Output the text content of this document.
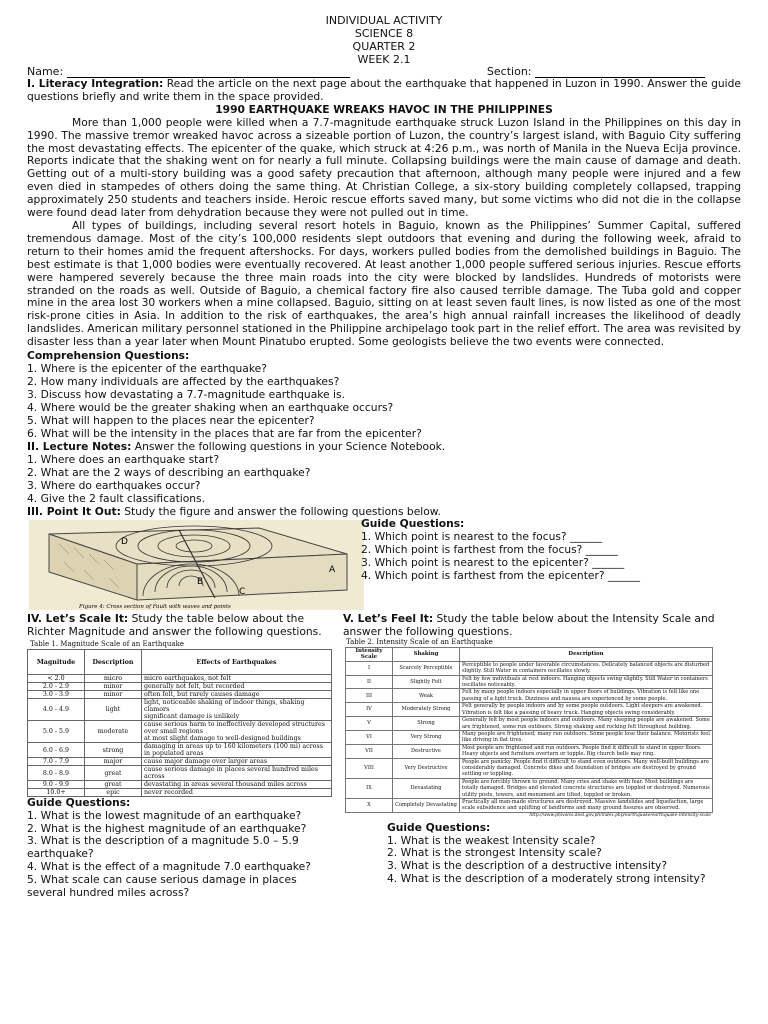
INDIVIDUAL ACTIVITY
SCIENCE 8
QUARTER 2
WEEK 2.1
Name:	Section:
I. Literacy Integration: Read the article on the next page about the earthquake that happened in Luzon in 1990. Answer the guide questions briefly and write them in the space provided.
1990 EARTHQUAKE WREAKS HAVOC IN THE PHILIPPINES
More than 1,000 people were killed when a 7.7-magnitude earthquake struck Luzon Island in the Philippines on this day in 1990. The massive tremor wreaked havoc across a sizeable portion of Luzon, the country’s largest island, with Baguio City suffering the most devastating effects. The epicenter of the quake, which struck at 4:26 p.m., was north of Manila in the Nueva Ecija province. Reports indicate that the shaking went on for nearly a full minute. Collapsing buildings were the main cause of damage and death. Getting out of a multi-story building was a good safety precaution that afternoon, although many people were injured and a few even died in stampedes of others doing the same thing. At Christian College, a six-story building completely collapsed, trapping approximately 250 students and teachers inside. Heroic rescue efforts saved many, but some victims who did not die in the collapse were found dead later from dehydration because they were not pulled out in time.
All types of buildings, including several resort hotels in Baguio, known as the Philippines’ Summer Capital, suffered tremendous damage. Most of the city’s 100,000 residents slept outdoors that evening and during the following week, afraid to return to their homes amid the frequent aftershocks. For days, workers pulled bodies from the demolished buildings in Baguio. The best estimate is that 1,000 bodies were eventually recovered. At least another 1,000 people suffered serious injuries. Rescue efforts were hampered severely because the three main roads into the city were blocked by landslides. Hundreds of motorists were stranded on the roads as well. Outside of Baguio, a chemical factory fire also caused terrible damage. The Tuba gold and copper mine in the area lost 30 workers when a mine collapsed. Baguio, sitting on at least seven fault lines, is now listed as one of the most risk-prone cities in Asia. In addition to the risk of earthquakes, the area’s high annual rainfall increases the likelihood of deadly landslides. American military personnel stationed in the Philippine archipelago took part in the relief effort. The area was revisited by disaster less than a year later when Mount Pinatubo erupted. Some geologists believe the two events were connected.
Comprehension Questions:
1. Where is the epicenter of the earthquake?
2. How many individuals are affected by the earthquakes?
3. Discuss how devastating a 7.7-magnitude earthquake is.
4. Where would be the greater shaking when an earthquake occurs?
5. What will happen to the places near the epicenter?
6. What will be the intensity in the places that are far from the epicenter?
II. Lecture Notes: Answer the following questions in your Science Notebook.
1. Where does an earthquake start?
2. What are the 2 ways of describing an earthquake?
3. Where do earthquakes occur?
4. Give the 2 fault classifications.
III. Point It Out: Study the figure and answer the following questions below.
D
B
C
A
Figure 4: Cross section of Fault with waves and points
Guide Questions:
1. Which point is nearest to the focus? ______
2. Which point is farthest from the focus? ______
3. Which point is nearest to the epicenter? ______
4. Which point is farthest from the epicenter? ______
IV. Let’s Scale It: Study the table below about the Richter Magnitude and answer the following questions.
Table 1. Magnitude Scale of an Earthquake
Magnitude	Description	Effects of Earthquakes
< 2.0	micro	micro earthquakes, not felt
2.0 - 2.9	minor	generally not felt, but recorded
3.0 - 3.9	minor	often felt, but rarely causes damage
4.0 - 4.9	light	light, noticeable shaking of indoor things, shaking clamors
significant damage is unlikely
5.0 - 5.9	moderate	cause serious harm to ineffectively developed structures over small regions
at most slight damage to well-designed buildings
6.0 - 6.9	strong	damaging in areas up to 160 kilometers (100 mi) across in populated areas
7.0 - 7.9	major	cause major damage over larger areas
8.0 - 8.9	great	cause serious damage in places several hundred miles across
9.0 - 9.9	great	devastating in areas several thousand miles across
10.0+	epic	never recorded
Guide Questions:
1. What is the lowest magnitude of an earthquake?
2. What is the highest magnitude of an earthquake?
3. What is the description of a magnitude 5.0 – 5.9 earthquake?
4. What is the effect of a magnitude 7.0 earthquake?
5. What scale can cause serious damage in places several hundred miles across?
V. Let’s Feel It: Study the table below about the Intensity Scale and answer the following questions.
Table 2. Intensity Scale of an Earthquake
Intensity Scale	Shaking	Description
I	Scarcely Perceptible	Perceptible to people under favorable circumstances. Delicately balanced objects are disturbed slightly. Still Water in containers oscillates slowly.
II	Slightly Felt	Felt by few individuals at rest indoors. Hanging objects swing slightly. Still Water in containers oscillates noticeably.
III	Weak	Felt by many people indoors especially in upper floors of buildings. Vibration is felt like one passing of a light truck. Dizziness and nausea are experienced by some people.
IV	Moderately Strong	Felt generally by people indoors and by some people outdoors. Light sleepers are awakened. Vibration is felt like a passing of heavy truck. Hanging objects swing considerably.
V	Strong	Generally felt by most people indoors and outdoors. Many sleeping people are awakened. Some are frightened, some run outdoors. Strong shaking and rocking felt throughout building.
VI	Very Strong	Many people are frightened; many run outdoors. Some people lose their balance. Motorists feel like driving in flat tires.
VII	Destructive	Most people are frightened and run outdoors. People find it difficult to stand in upper floors. Heavy objects and furniture overturn or topple. Big church bells may ring.
VIII	Very Destructive	People are panicky. People find it difficult to stand even outdoors. Many well-built buildings are considerably damaged. Concrete dikes and foundation of bridges are destroyed by ground settling or toppling.
IX	Devastating	People are forcibly thrown to ground. Many cries and shake with fear. Most buildings are totally damaged. Bridges and elevated concrete structures are toppled or destroyed. Numerous utility posts, towers, and monument are tilted, toppled or broken.
X	Completely Devastating	Practically all man-made structures are destroyed. Massive landslides and liquefaction, large scale subsidence and uplifting of landforms and many ground fissures are observed.
http://www.phivolcs.dost.gov.ph/index.php/earthquake/earthquake-intensity-scale
Guide Questions:
1. What is the weakest Intensity scale?
2. What is the strongest Intensity scale?
3. What is the description of a destructive intensity?
4. What is the description of a moderately strong intensity?
